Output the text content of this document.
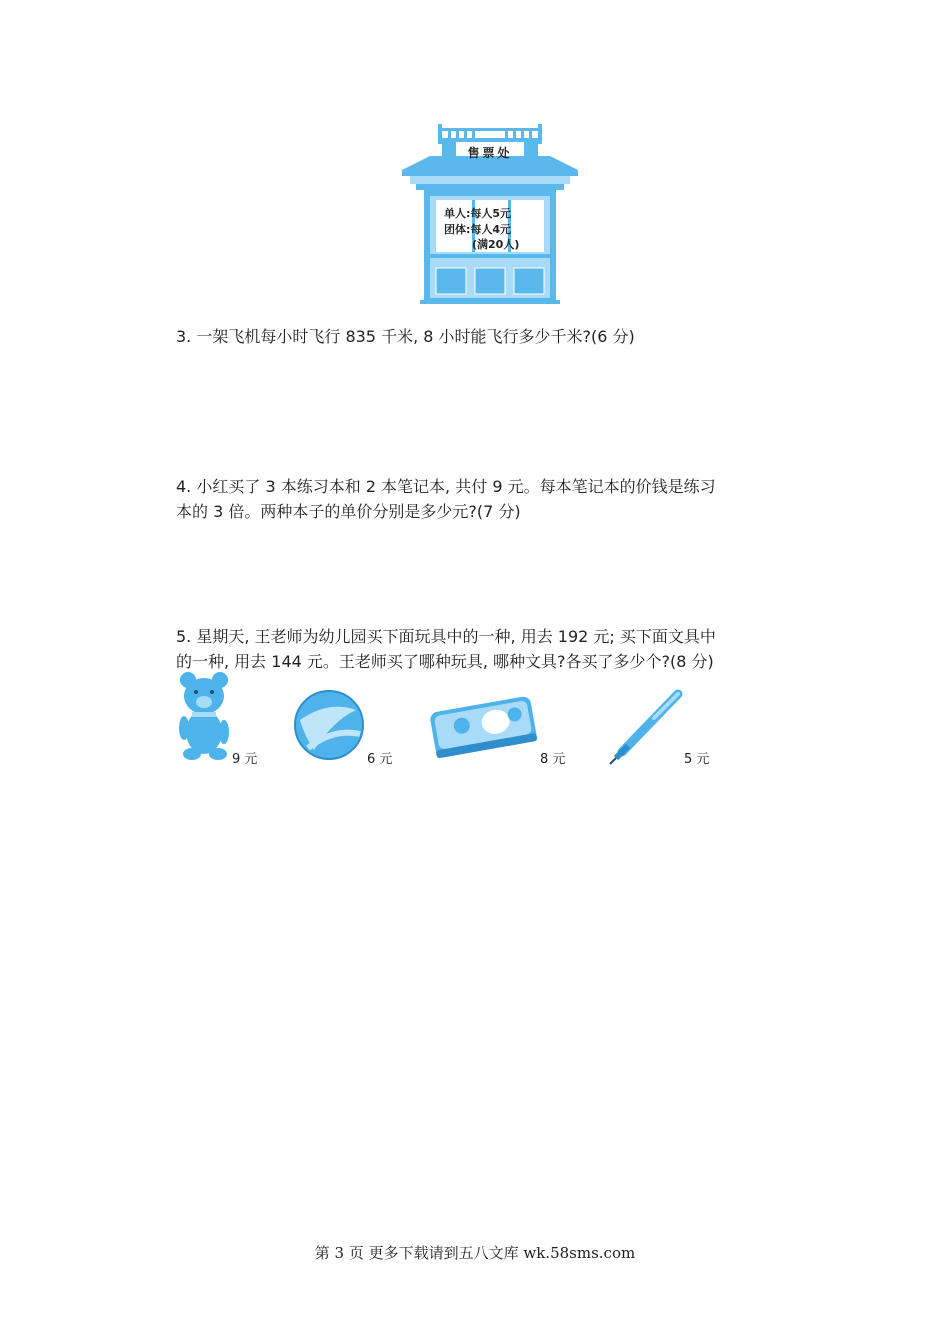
售票处
单人:每人5元
团体:每人4元
(满20人)

3. 一架飞机每小时飞行 835 千米, 8 小时能飞行多少千米?(6 分)

4. 小红买了 3 本练习本和 2 本笔记本, 共付 9 元。每本笔记本的价钱是练习

本的 3 倍。两种本子的单价分别是多少元?(7 分)

5. 星期天, 王老师为幼儿园买下面玩具中的一种, 用去 192 元; 买下面文具中

的一种, 用去 144 元。王老师买了哪种玩具, 哪种文具?各买了多少个?(8 分)

9 元	6 元	8 元	5 元
第 3 页 更多下载请到五八文库 wk.58sms.com
